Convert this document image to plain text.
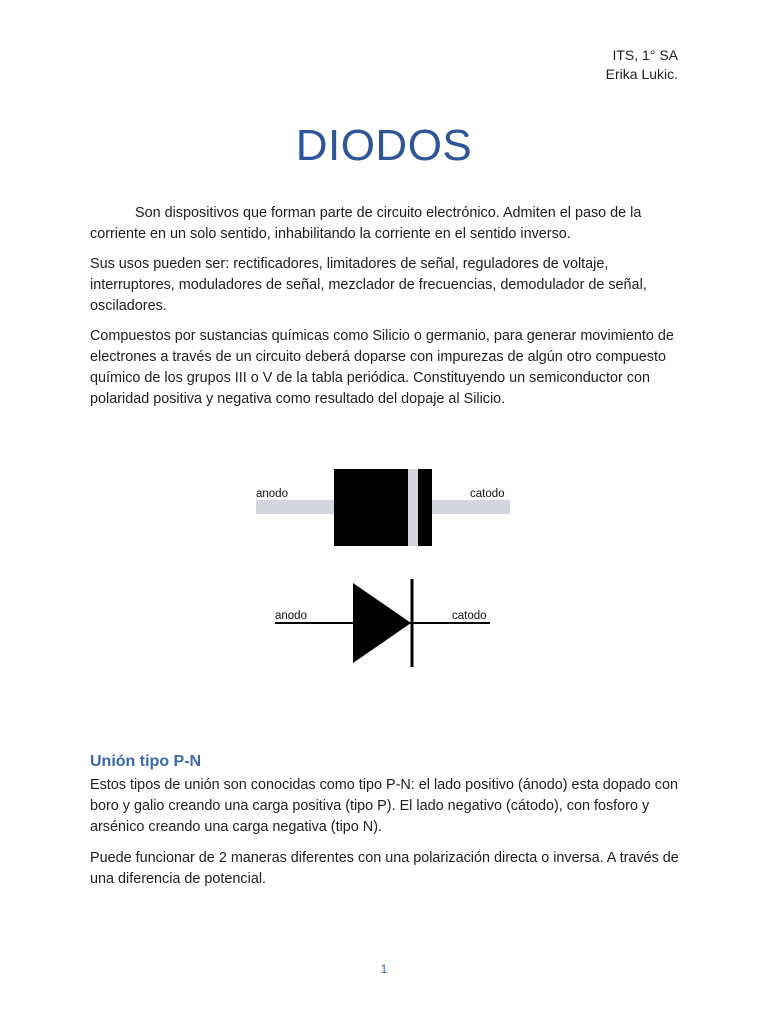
ITS, 1° SA
Erika Lukic.
DIODOS

Son dispositivos que forman parte de circuito electrónico. Admiten el paso de la corriente en un solo sentido, inhabilitando la corriente en el sentido inverso.

Sus usos pueden ser: rectificadores, limitadores de señal, reguladores de voltaje, interruptores, moduladores de señal, mezclador de frecuencias, demodulador de señal, osciladores.

Compuestos por sustancias químicas como Silicio o germanio, para generar movimiento de electrones a través de un circuito deberá doparse con impurezas de algún otro compuesto químico de los grupos III o V de la tabla periódica. Constituyendo un semiconductor con polaridad positiva y negativa como resultado del dopaje al Silicio.

anodo	catodo
anodo	catodo
Unión tipo P-N

Estos tipos de unión son conocidas como tipo P-N: el lado positivo (ánodo) esta dopado con boro y galio creando una carga positiva (tipo P). El lado negativo (cátodo), con fosforo y arsénico creando una carga negativa (tipo N).

Puede funcionar de 2 maneras diferentes con una polarización directa o inversa. A través de una diferencia de potencial.

1
